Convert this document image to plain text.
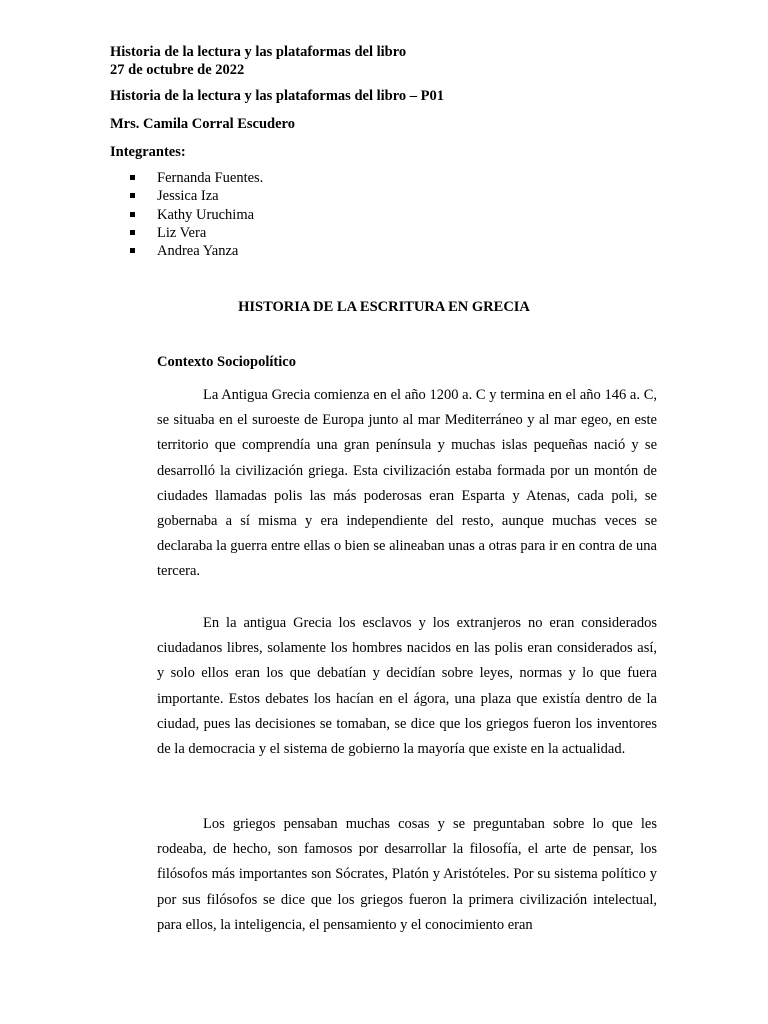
Historia de la lectura y las plataformas del libro
27 de octubre de 2022
Historia de la lectura y las plataformas del libro – P01
Mrs. Camila Corral Escudero
Integrantes:
Fernanda Fuentes.
Jessica Iza
Kathy Uruchima
Liz Vera
Andrea Yanza
HISTORIA DE LA ESCRITURA EN GRECIA
Contexto Sociopolítico

La Antigua Grecia comienza en el año 1200 a. C y termina en el año 146 a. C, se situaba en el suroeste de Europa junto al mar Mediterráneo y al mar egeo, en este territorio que comprendía una gran península y muchas islas pequeñas nació y se desarrolló la civilización griega. Esta civilización estaba formada por un montón de ciudades llamadas polis las más poderosas eran Esparta y Atenas, cada poli, se gobernaba a sí misma y era independiente del resto, aunque muchas veces se declaraba la guerra entre ellas o bien se alineaban unas a otras para ir en contra de una tercera.

En la antigua Grecia los esclavos y los extranjeros no eran considerados ciudadanos libres, solamente los hombres nacidos en las polis eran considerados así, y solo ellos eran los que debatían y decidían sobre leyes, normas y lo que fuera importante. Estos debates los hacían en el ágora, una plaza que existía dentro de la ciudad, pues las decisiones se tomaban, se dice que los griegos fueron los inventores de la democracia y el sistema de gobierno la mayoría que existe en la actualidad.

Los griegos pensaban muchas cosas y se preguntaban sobre lo que les rodeaba, de hecho, son famosos por desarrollar la filosofía, el arte de pensar, los filósofos más importantes son Sócrates, Platón y Aristóteles. Por su sistema político y por sus filósofos se dice que los griegos fueron la primera civilización intelectual, para ellos, la inteligencia, el pensamiento y el conocimiento eran
